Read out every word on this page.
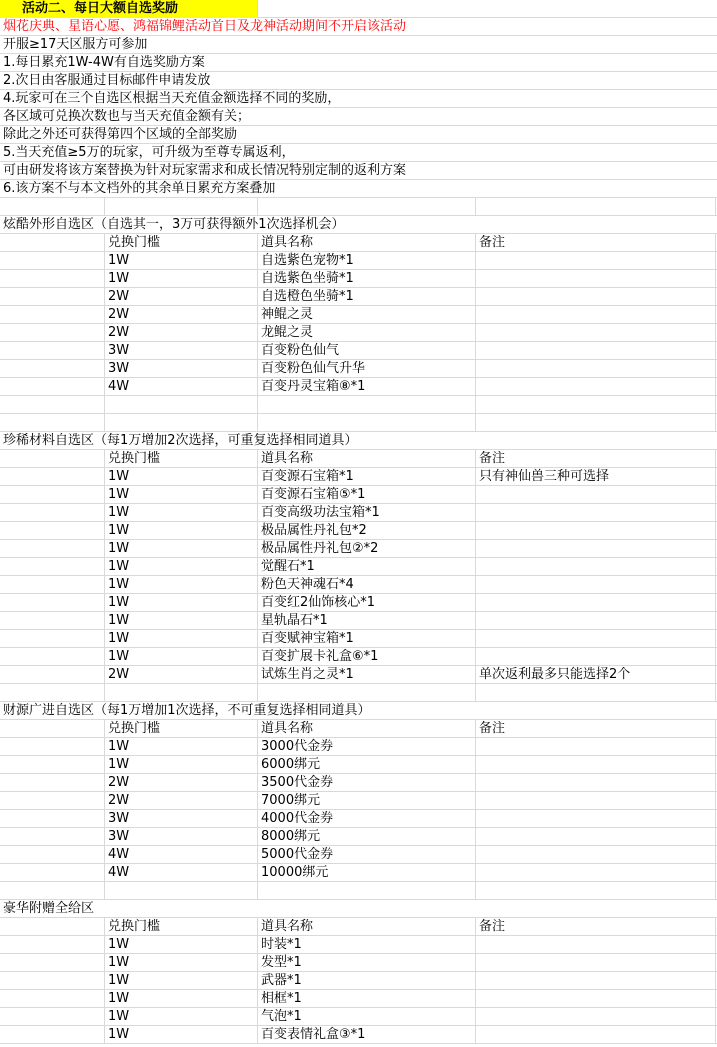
活动二、每日大额自选奖励
烟花庆典、星语心愿、鸿福锦鲤活动首日及龙神活动期间不开启该活动
开服≥17天区服方可参加
1.每日累充1W-4W有自选奖励方案
2.次日由客服通过目标邮件申请发放
4.玩家可在三个自选区根据当天充值金额选择不同的奖励，
各区域可兑换次数也与当天充值金额有关；
除此之外还可获得第四个区域的全部奖励
5.当天充值≥5万的玩家，可升级为至尊专属返利，
可由研发将该方案替换为针对玩家需求和成长情况特别定制的返利方案
6.该方案不与本文档外的其余单日累充方案叠加
炫酷外形自选区（自选其一，3万可获得额外1次选择机会）
兑换门槛	道具名称	备注
1W	自选紫色宠物*1
1W	自选紫色坐骑*1
2W	自选橙色坐骑*1
2W	神鲲之灵
2W	龙鲲之灵
3W	百变粉色仙气
3W	百变粉色仙气升华
4W	百变丹灵宝箱⑧*1
珍稀材料自选区（每1万增加2次选择，可重复选择相同道具）
兑换门槛	道具名称	备注
1W	百变源石宝箱*1	只有神仙兽三种可选择
1W	百变源石宝箱⑤*1
1W	百变高级功法宝箱*1
1W	极品属性丹礼包*2
1W	极品属性丹礼包②*2
1W	觉醒石*1
1W	粉色天神魂石*4
1W	百变红2仙饰核心*1
1W	星轨晶石*1
1W	百变赋神宝箱*1
1W	百变扩展卡礼盒⑥*1
2W	试炼生肖之灵*1	单次返利最多只能选择2个
财源广进自选区（每1万增加1次选择，不可重复选择相同道具）
兑换门槛	道具名称	备注
1W	3000代金券
1W	6000绑元
2W	3500代金券
2W	7000绑元
3W	4000代金券
3W	8000绑元
4W	5000代金券
4W	10000绑元
豪华附赠全给区
兑换门槛	道具名称	备注
1W	时装*1
1W	发型*1
1W	武器*1
1W	相框*1
1W	气泡*1
1W	百变表情礼盒③*1
